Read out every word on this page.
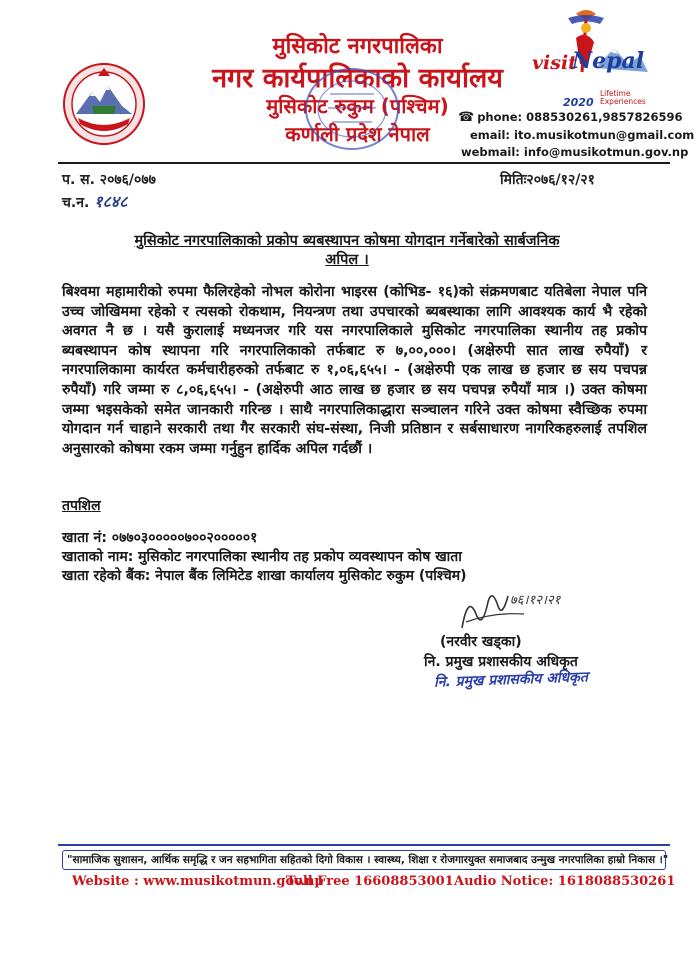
मुसिकोट नगरपालिका
नगर कार्यपालिकाको कार्यालय
मुसिकोट रुकुम (पश्चिम)
कर्णाली प्रदेश नेपाल
visit
Nepal
2020
Lifetime Experiences
☎ phone: 088530261,9857826596
email: ito.musikotmun@gmail.com
webmail: info@musikotmun.gov.np
प. स. २०७६/०७७
च.न. १८४८
मितिः२०७६/१२/२१
मुसिकोट नगरपालिकाको प्रकोप ब्यबस्थापन कोषमा योगदान गर्नेबारेको सार्बजनिक
अपिल ।
बिश्वमा महामारीको रुपमा फैलिरहेको नोभल कोरोना भाइरस (कोभिड- १६)को संक्रमणबाट यतिबेला नेपाल पनि उच्च जोखिममा रहेको र त्यसको रोकथाम, नियन्त्रण तथा उपचारको ब्यबस्थाका लागि आवश्यक कार्य भै रहेको अवगत नै छ । यसै कुरालाई मध्यनजर गरि यस नगरपालिकाले मुसिकोट नगरपालिका स्थानीय तह प्रकोप ब्यबस्थापन कोष स्थापना गरि नगरपालिकाको तर्फबाट रु ७,००,०००। (अक्षेरुपी सात लाख रुपैयाँ) र नगरपालिकामा कार्यरत कर्मचारीहरुको तर्फबाट रु १,०६,६५५। - (अक्षेरुपी एक लाख छ हजार छ सय पचपन्न रुपैयाँ) गरि जम्मा रु ८,०६,६५५। - (अक्षेरुपी आठ लाख छ हजार छ सय पचपन्न रुपैयाँ मात्र ।) उक्त कोषमा जम्मा भइसकेको समेत जानकारी गरिन्छ । साथै नगरपालिकाद्धारा सञ्चालन गरिने उक्त कोषमा स्वैच्छिक रुपमा योगदान गर्न चाहाने सरकारी तथा गैर सरकारी संघ-संस्था, निजी प्रतिष्ठान र सर्बसाधारण नागरिकहरुलाई तपशिल अनुसारको कोषमा रकम जम्मा गर्नुहुन हार्दिक अपिल गर्दछौं ।
तपशिल
खाता नं: ०७७०३०००००७००२०००००१
खाताको नाम: मुसिकोट नगरपालिका स्थानीय तह प्रकोप व्यवस्थापन कोष खाता
खाता रहेको बैंक: नेपाल बैंक लिमिटेड शाखा कार्यालय मुसिकोट रुकुम (पश्चिम)
७६।१२।२१
(नरवीर खड्का)
नि. प्रमुख प्रशासकीय अधिकृत
नि. प्रमुख प्रशासकीय अधिकृत
"सामाजिक सुशासन, आर्थिक समृद्धि र जन सहभागिता सहितको दिगो विकास । स्वास्थ्य, शिक्षा र रोजगारयुक्त समाजबाद उन्मुख नगरपालिका हाम्रो निकास ।"
Website : www.musikotmun.gov.np
Toll Free 16608853001 Audio Notice: 1618088530261
